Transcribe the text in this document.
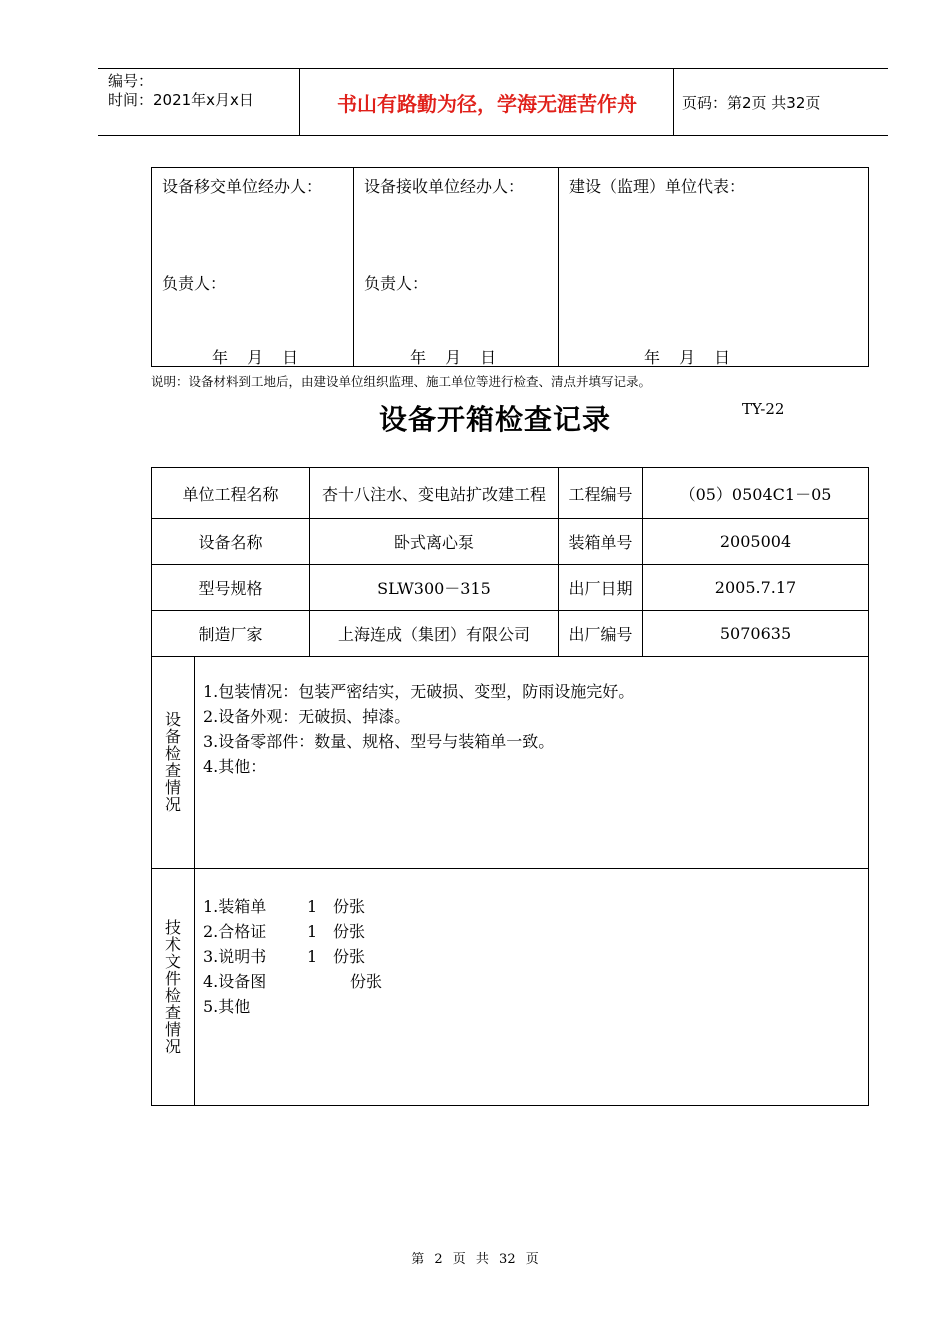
编号：
时间：2021年x月x日	书山有路勤为径，学海无涯苦作舟	页码：第2页 共32页
设备移交单位经办人：
负责人：
年 月 日

设备接收单位经办人：
负责人：
年 月 日

建设（监理）单位代表：
年 月 日
说明：设备材料到工地后，由建设单位组织监理、施工单位等进行检查、清点并填写记录。
设备开箱检查记录	TY-22
单位工程名称		杏十八注水、变电站扩改建工程	工程编号	（05）0504C1－05
设备名称		卧式离心泵	装箱单号	2005004
型号规格		SLW300－315	出厂日期	2005.7.17
制造厂家		上海连成（集团）有限公司	出厂编号	5070635
设备检查情况	1.包装情况：包装严密结实，无破损、变型，防雨设施完好。
2.设备外观：无破损、掉漆。
3.设备零部件：数量、规格、型号与装箱单一致。
4.其他：			

技术文件检查情况	1.装箱单 1 份张
2.合格证 1 份张
3.说明书 1 份张
4.设备图 份张
5.其他			
第 2 页 共 32 页
